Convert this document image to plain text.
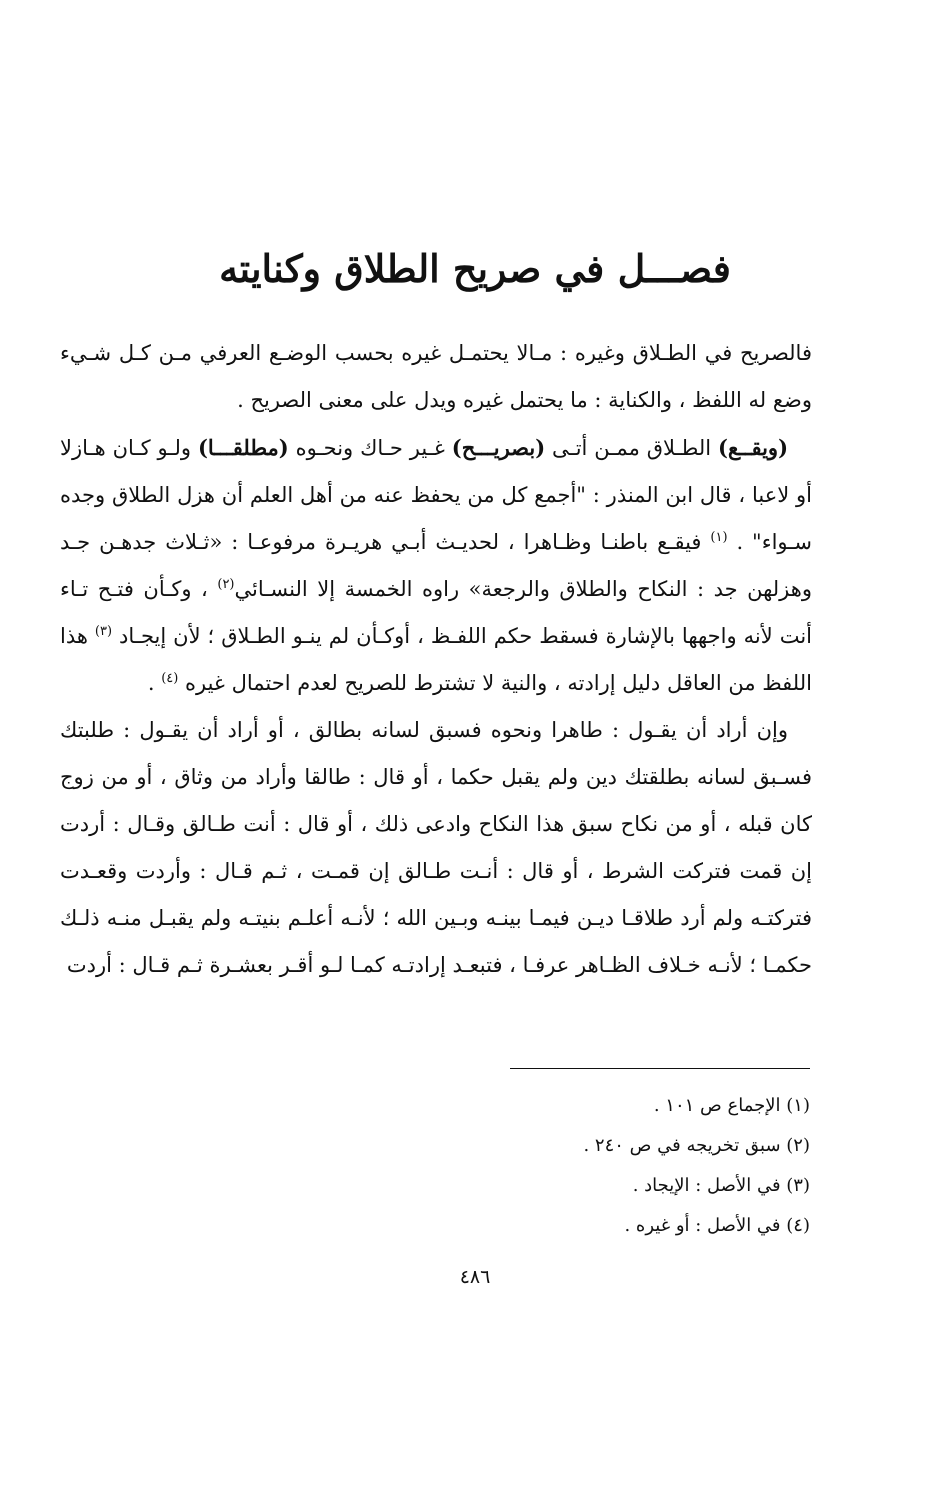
فصـــل في صريح الطلاق وكنايته

فالصريح في الطـلاق وغيره : مـالا يحتمـل غيره بحسب الوضـع العرفي مـن كـل شـيء وضع له اللفظ ، والكناية : ما يحتمل غيره ويدل على معنى الصريح .

(ويقــع) الطـلاق ممـن أتـى (بصريـــح) غـير حـاك ونحـوه (مطلقـــا) ولـو كـان هـازلا أو لاعبا ، قال ابن المنذر : "أجمع كل من يحفظ عنه من أهل العلم أن هزل الطلاق وجده سـواء" . $^{(١)}$ فيقـع باطنـا وظـاهرا ، لحديـث أبـي هريـرة مرفوعـا : «ثـلاث جدهـن جـد وهزلهن جد : النكاح والطلاق والرجعة» راوه الخمسة إلا النسـائي$^{(٢)}$ ، وكـأن فتـح تـاء أنت لأنه واجهها بالإشارة فسقط حكم اللفـظ ، أوكـأن لم ينـو الطـلاق ؛ لأن إيجـاد $^{(٣)}$ هذا اللفظ من العاقل دليل إرادته ، والنية لا تشترط للصريح لعدم احتمال غيره $^{(٤)}$ .

وإن أراد أن يقـول : طاهرا ونحوه فسبق لسانه بطالق ، أو أراد أن يقـول : طلبتك فسـبق لسانه بطلقتك دين ولم يقبل حكما ، أو قال : طالقا وأراد من وثاق ، أو من زوج كان قبله ، أو من نكاح سبق هذا النكاح وادعى ذلك ، أو قال : أنت طـالق وقـال : أردت إن قمت فتركت الشرط ، أو قال : أنـت طـالق إن قمـت ، ثـم قـال : وأردت وقعـدت فتركتـه ولم أرد طلاقـا ديـن فيمـا بينـه وبـين الله ؛ لأنـه أعلـم بنيتـه ولم يقبـل منـه ذلـك حكمـا ؛ لأنـه خـلاف الظـاهر عرفـا ، فتبعـد إرادتـه كمـا لـو أقـر بعشـرة ثـم قـال : أردت

(١) الإجماع ص ١٠١ .
(٢) سبق تخريجه في ص ٢٤٠ .
(٣) في الأصل : الإيجاد .
(٤) في الأصل : أو غيره .
٤٨٦
